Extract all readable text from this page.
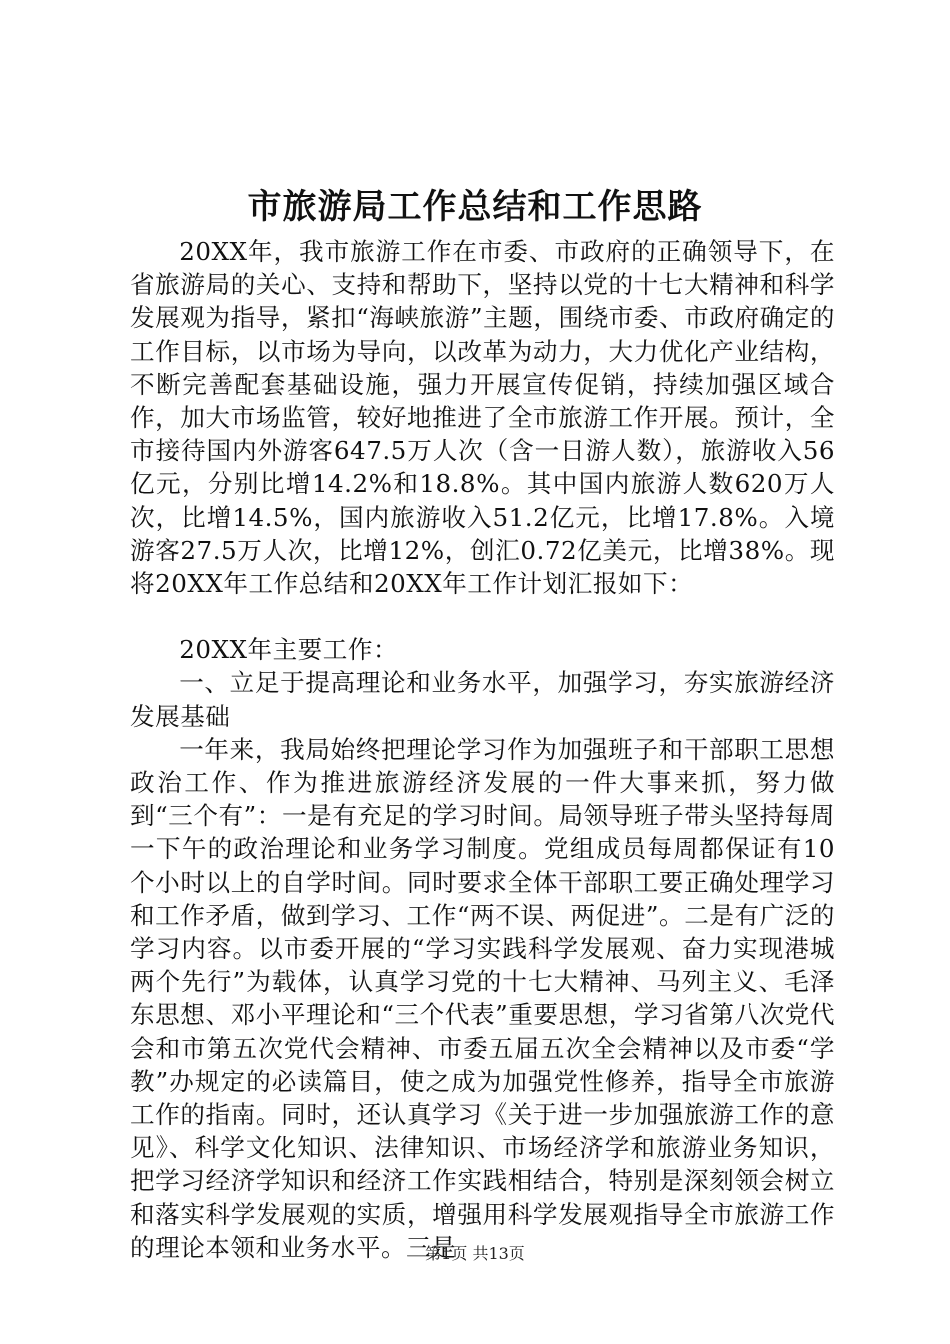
市旅游局工作总结和工作思路

20XX年，我市旅游工作在市委、市政府的正确领导下，在省旅游局的关心、支持和帮助下，坚持以党的十七大精神和科学发展观为指导，紧扣“海峡旅游”主题，围绕市委、市政府确定的工作目标，以市场为导向，以改革为动力，大力优化产业结构，不断完善配套基础设施，强力开展宣传促销，持续加强区域合作，加大市场监管，较好地推进了全市旅游工作开展。预计，全市接待国内外游客647.5万人次（含一日游人数），旅游收入56亿元，分别比增14.2%和18.8%。其中国内旅游人数620万人次，比增14.5%，国内旅游收入51.2亿元，比增17.8%。入境游客27.5万人次，比增12%，创汇0.72亿美元，比增38%。现将20XX年工作总结和20XX年工作计划汇报如下：

20XX年主要工作：

一、立足于提高理论和业务水平，加强学习，夯实旅游经济发展基础

一年来，我局始终把理论学习作为加强班子和干部职工思想政治工作、作为推进旅游经济发展的一件大事来抓，努力做到“三个有”：一是有充足的学习时间。局领导班子带头坚持每周一下午的政治理论和业务学习制度。党组成员每周都保证有10个小时以上的自学时间。同时要求全体干部职工要正确处理学习和工作矛盾，做到学习、工作“两不误、两促进”。二是有广泛的学习内容。以市委开展的“学习实践科学发展观、奋力实现港城两个先行”为载体，认真学习党的十七大精神、马列主义、毛泽东思想、邓小平理论和“三个代表”重要思想，学习省第八次党代会和市第五次党代会精神、市委五届五次全会精神以及市委“学教”办规定的必读篇目，使之成为加强党性修养，指导全市旅游工作的指南。同时，还认真学习《关于进一步加强旅游工作的意见》、科学文化知识、法律知识、市场经济学和旅游业务知识，把学习经济学知识和经济工作实践相结合，特别是深刻领会树立和落实科学发展观的实质，增强用科学发展观指导全市旅游工作的理论本领和业务水平。三是

第1页 共13页
